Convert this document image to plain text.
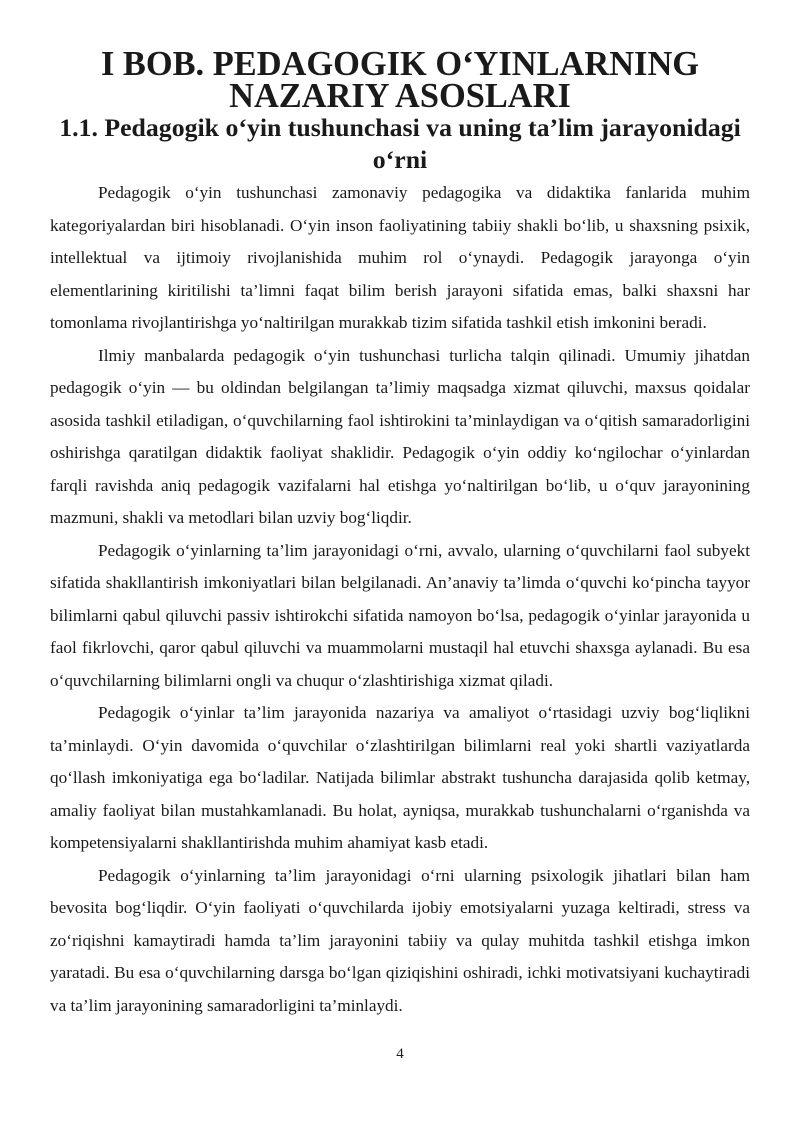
I BOB. PEDAGOGIK O‘YINLARNING NAZARIY ASOSLARI
1.1. Pedagogik o‘yin tushunchasi va uning ta’lim jarayonidagi o‘rni

Pedagogik o‘yin tushunchasi zamonaviy pedagogika va didaktika fanlarida muhim kategoriyalardan biri hisoblanadi. O‘yin inson faoliyatining tabiiy shakli bo‘lib, u shaxsning psixik, intellektual va ijtimoiy rivojlanishida muhim rol o‘ynaydi. Pedagogik jarayonga o‘yin elementlarining kiritilishi ta’limni faqat bilim berish jarayoni sifatida emas, balki shaxsni har tomonlama rivojlantirishga yo‘naltirilgan murakkab tizim sifatida tashkil etish imkonini beradi.

Ilmiy manbalarda pedagogik o‘yin tushunchasi turlicha talqin qilinadi. Umumiy jihatdan pedagogik o‘yin — bu oldindan belgilangan ta’limiy maqsadga xizmat qiluvchi, maxsus qoidalar asosida tashkil etiladigan, o‘quvchilarning faol ishtirokini ta’minlaydigan va o‘qitish samaradorligini oshirishga qaratilgan didaktik faoliyat shaklidir. Pedagogik o‘yin oddiy ko‘ngilochar o‘yinlardan farqli ravishda aniq pedagogik vazifalarni hal etishga yo‘naltirilgan bo‘lib, u o‘quv jarayonining mazmuni, shakli va metodlari bilan uzviy bog‘liqdir.

Pedagogik o‘yinlarning ta’lim jarayonidagi o‘rni, avvalo, ularning o‘quvchilarni faol subyekt sifatida shakllantirish imkoniyatlari bilan belgilanadi. An’anaviy ta’limda o‘quvchi ko‘pincha tayyor bilimlarni qabul qiluvchi passiv ishtirokchi sifatida namoyon bo‘lsa, pedagogik o‘yinlar jarayonida u faol fikrlovchi, qaror qabul qiluvchi va muammolarni mustaqil hal etuvchi shaxsga aylanadi. Bu esa o‘quvchilarning bilimlarni ongli va chuqur o‘zlashtirishiga xizmat qiladi.

Pedagogik o‘yinlar ta’lim jarayonida nazariya va amaliyot o‘rtasidagi uzviy bog‘liqlikni ta’minlaydi. O‘yin davomida o‘quvchilar o‘zlashtirilgan bilimlarni real yoki shartli vaziyatlarda qo‘llash imkoniyatiga ega bo‘ladilar. Natijada bilimlar abstrakt tushuncha darajasida qolib ketmay, amaliy faoliyat bilan mustahkamlanadi. Bu holat, ayniqsa, murakkab tushunchalarni o‘rganishda va kompetensiyalarni shakllantirishda muhim ahamiyat kasb etadi.

Pedagogik o‘yinlarning ta’lim jarayonidagi o‘rni ularning psixologik jihatlari bilan ham bevosita bog‘liqdir. O‘yin faoliyati o‘quvchilarda ijobiy emotsiyalarni yuzaga keltiradi, stress va zo‘riqishni kamaytiradi hamda ta’lim jarayonini tabiiy va qulay muhitda tashkil etishga imkon yaratadi. Bu esa o‘quvchilarning darsga bo‘lgan qiziqishini oshiradi, ichki motivatsiyani kuchaytiradi va ta’lim jarayonining samaradorligini ta’minlaydi.

4
